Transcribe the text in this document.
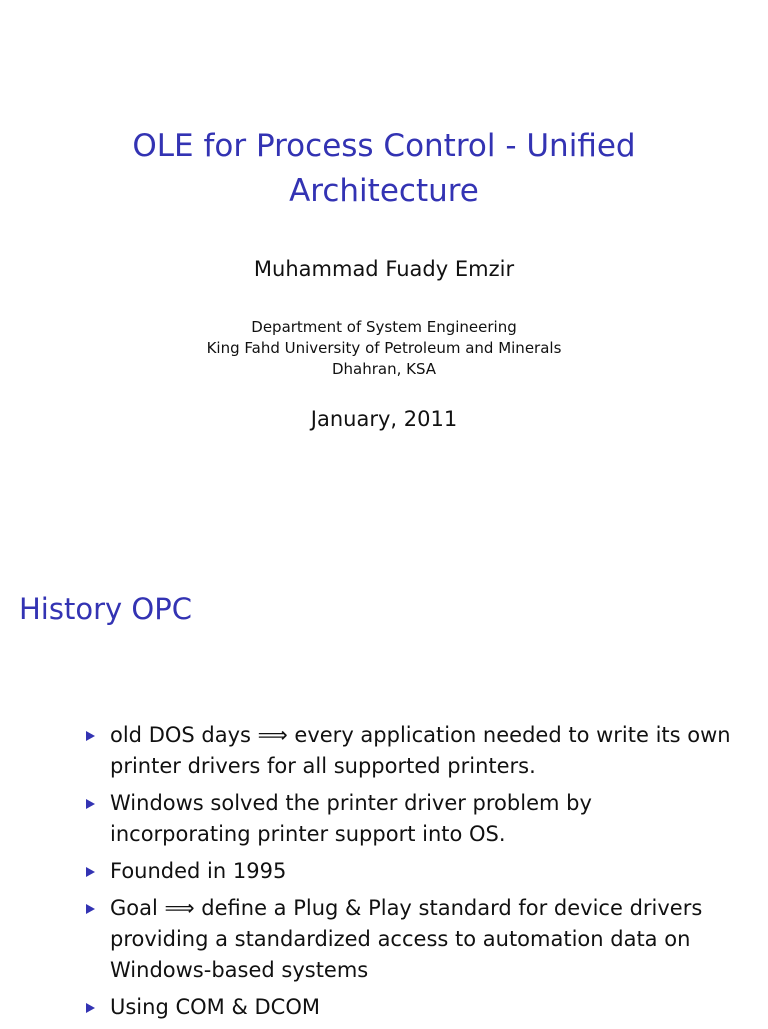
OLE for Process Control - Unified
Architecture
Muhammad Fuady Emzir
Department of System Engineering
King Fahd University of Petroleum and Minerals
Dhahran, KSA
January, 2011
History OPC
old DOS days ⟹ every application needed to write its own printer drivers for all supported printers.
Windows solved the printer driver problem by incorporating printer support into OS.
Founded in 1995
Goal ⟹ define a Plug & Play standard for device drivers providing a standardized access to automation data on Windows-based systems
Using COM & DCOM
